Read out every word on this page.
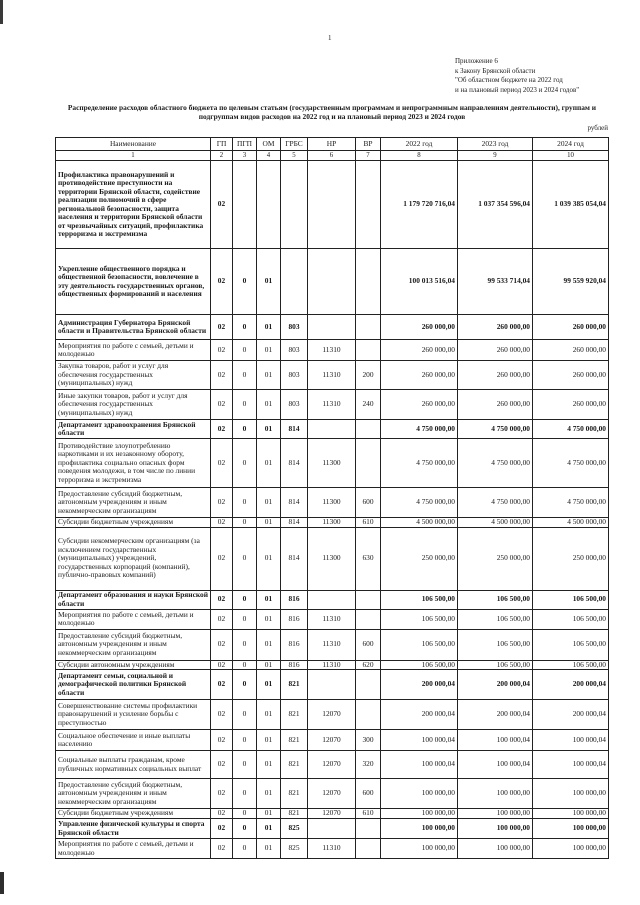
1
Приложение 6
к Закону Брянской области
"Об областном бюджете на 2022 год
и на плановый период 2023 и 2024 годов"
Распределение расходов областного бюджета по целевым статьям (государственным программам и непрограммным направлениям деятельности), группам и подгруппам видов расходов на 2022 год и на плановый период 2023 и 2024 годов
рублей
Наименование	ГП	ПГП	ОМ	ГРБС	НР	ВР	2022 год	2023 год	2024 год
1	2	3	4	5	6	7	8	9	10
Профилактика правонарушений и противодействие преступности на территории Брянской области, содействие реализации полномочий в сфере региональной безопасности, защита населения и территории Брянской области от чрезвычайных ситуаций, профилактика терроризма и экстремизма	02						1 179 720 716,04	1 037 354 596,04	1 039 385 054,04
Укрепление общественного порядка и общественной безопасности, вовлечение в эту деятельность государственных органов, общественных формирований и населения	02	0	01				100 013 516,04	99 533 714,04	99 559 920,04
Администрация Губернатора Брянской области и Правительства Брянской области	02	0	01	803			260 000,00	260 000,00	260 000,00
Мероприятия по работе с семьей, детьми и молодежью	02	0	01	803	11310		260 000,00	260 000,00	260 000,00
Закупка товаров, работ и услуг для обеспечения государственных (муниципальных) нужд	02	0	01	803	11310	200	260 000,00	260 000,00	260 000,00
Иные закупки товаров, работ и услуг для обеспечения государственных (муниципальных) нужд	02	0	01	803	11310	240	260 000,00	260 000,00	260 000,00
Департамент здравоохранения Брянской области	02	0	01	814			4 750 000,00	4 750 000,00	4 750 000,00
Противодействие злоупотреблению наркотиками и их незаконному обороту, профилактика социально опасных форм поведения молодежи, в том числе по линии терроризма и экстремизма	02	0	01	814	11300		4 750 000,00	4 750 000,00	4 750 000,00
Предоставление субсидий бюджетным, автономным учреждениям и иным некоммерческим организациям	02	0	01	814	11300	600	4 750 000,00	4 750 000,00	4 750 000,00
Субсидии бюджетным учреждениям	02	0	01	814	11300	610	4 500 000,00	4 500 000,00	4 500 000,00
Субсидии некоммерческим организациям (за исключением государственных (муниципальных) учреждений, государственных корпораций (компаний), публично-правовых компаний)	02	0	01	814	11300	630	250 000,00	250 000,00	250 000,00
Департамент образования и науки Брянской области	02	0	01	816			106 500,00	106 500,00	106 500,00
Мероприятия по работе с семьей, детьми и молодежью	02	0	01	816	11310		106 500,00	106 500,00	106 500,00
Предоставление субсидий бюджетным, автономным учреждениям и иным некоммерческим организациям	02	0	01	816	11310	600	106 500,00	106 500,00	106 500,00
Субсидии автономным учреждениям	02	0	01	816	11310	620	106 500,00	106 500,00	106 500,00
Департамент семьи, социальной и демографической политики Брянской области	02	0	01	821			200 000,04	200 000,04	200 000,04
Совершенствование системы профилактики правонарушений и усиление борьбы с преступностью	02	0	01	821	12070		200 000,04	200 000,04	200 000,04
Социальное обеспечение и иные выплаты населению	02	0	01	821	12070	300	100 000,04	100 000,04	100 000,04
Социальные выплаты гражданам, кроме публичных нормативных социальных выплат	02	0	01	821	12070	320	100 000,04	100 000,04	100 000,04
Предоставление субсидий бюджетным, автономным учреждениям и иным некоммерческим организациям	02	0	01	821	12070	600	100 000,00	100 000,00	100 000,00
Субсидии бюджетным учреждениям	02	0	01	821	12070	610	100 000,00	100 000,00	100 000,00
Управление физической культуры и спорта Брянской области	02	0	01	825			100 000,00	100 000,00	100 000,00
Мероприятия по работе с семьей, детьми и молодежью	02	0	01	825	11310		100 000,00	100 000,00	100 000,00
